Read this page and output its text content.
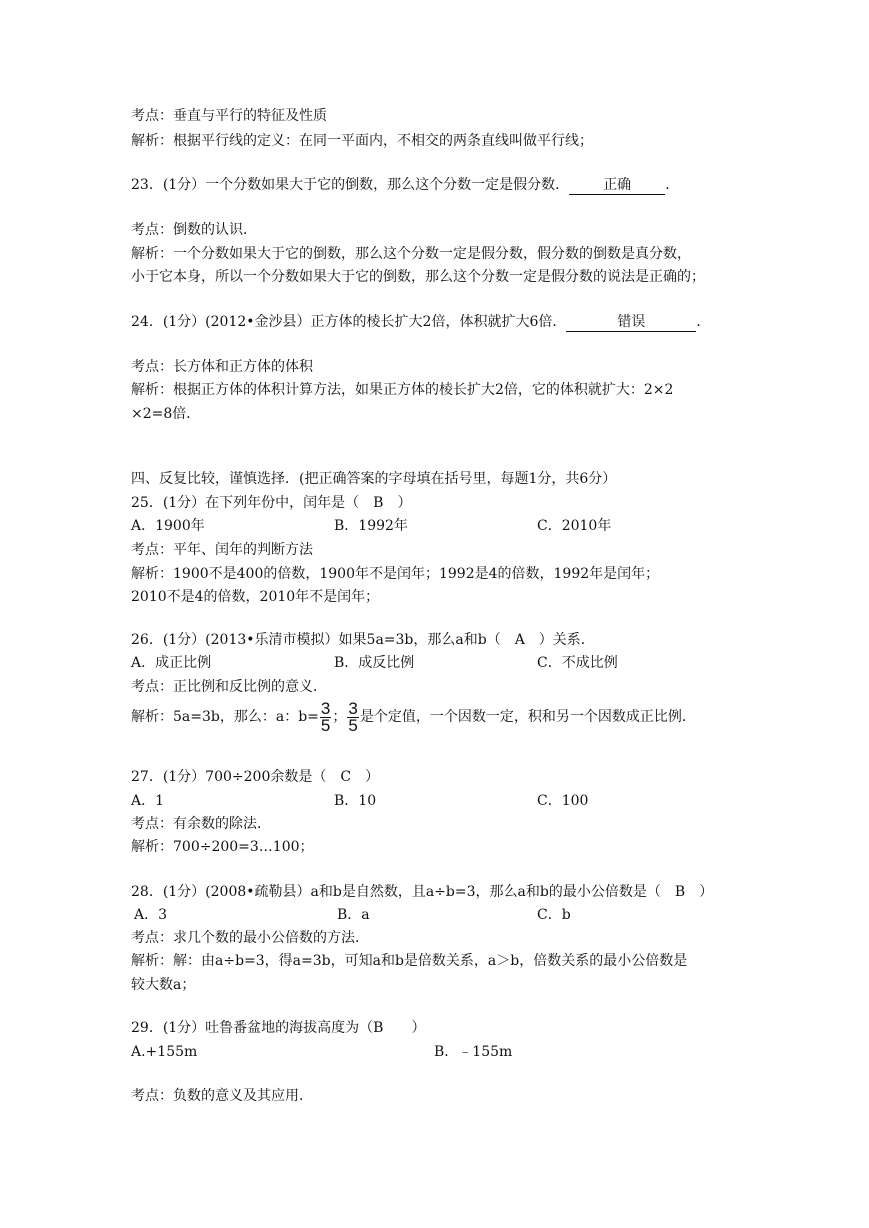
考点：垂直与平行的特征及性质
解析：根据平行线的定义：在同一平面内，不相交的两条直线叫做平行线；
23．(1分）一个分数如果大于它的倒数，那么这个分数一定是假分数． 正确 ．
考点：倒数的认识．
解析：一个分数如果大于它的倒数，那么这个分数一定是假分数，假分数的倒数是真分数，
小于它本身，所以一个分数如果大于它的倒数，那么这个分数一定是假分数的说法是正确的；
24．(1分）(2012•金沙县）正方体的棱长扩大2倍，体积就扩大6倍．	错误	．
考点：长方体和正方体的体积
解析：根据正方体的体积计算方法，如果正方体的棱长扩大2倍，它的体积就扩大：2×2
×2=8倍．
四、反复比较，谨慎选择．(把正确答案的字母填在括号里，每题1分，共6分）
25．(1分）在下列年份中，闰年是（　B　）
A．1900年	B．1992年	C．2010年
考点：平年、闰年的判断方法
解析：1900不是400的倍数，1900年不是闰年；1992是4的倍数，1992年是闰年；
2010不是4的倍数，2010年不是闰年；
26．(1分）(2013•乐清市模拟）如果5a=3b，那么a和b（　A　）关系．
A．成正比例	B．成反比例	C．不成比例
考点：正比例和反比例的意义．
解析：5a=3b，那么：a：$b= \frac{3}{5}$ ； $\frac{3}{5}$ 是个定值，一个因数一定，积和另一个因数成正比例．
27．(1分）700÷200余数是（　C　）
A．1	B．10	C．100
考点：有余数的除法．
解析：700÷200=3…100；
28．(1分）(2008•疏勒县）a和b是自然数，且a÷b=3，那么a和b的最小公倍数是（　B　）
A．3	B．a	C．b
考点：求几个数的最小公倍数的方法．
解析：解：由a÷b=3，得a=3b，可知a和b是倍数关系，a＞b，倍数关系的最小公倍数是
较大数a；
29．(1分）吐鲁番盆地的海拔高度为（B　　）
A.+155m	B．﹣155m
考点：负数的意义及其应用．
